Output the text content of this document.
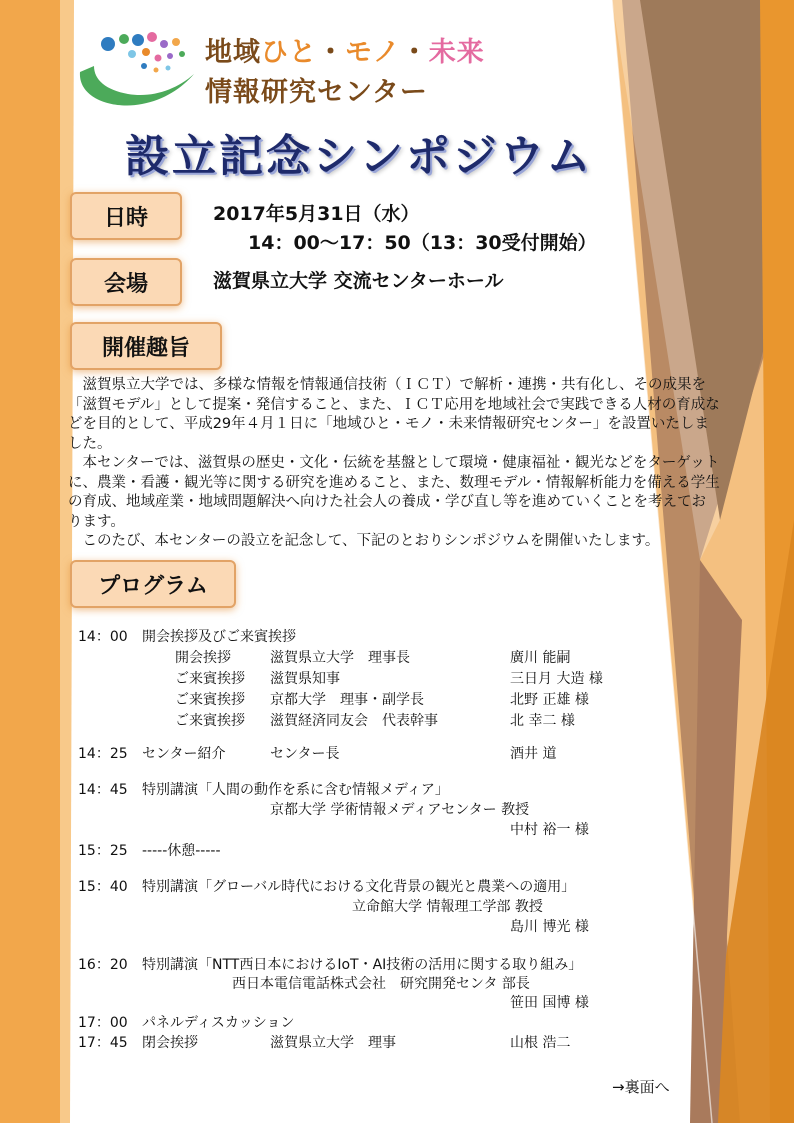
地域ひと・モノ・未来
情報研究センター
設立記念シンポジウム
日時	2017年5月31日（水）
14：00～17：50（13：30受付開始）
会場	滋賀県立大学 交流センターホール
開催趣旨

滋賀県立大学では、多様な情報を情報通信技術（ＩＣＴ）で解析・連携・共有化し、その成果を「滋賀モデル」として提案・発信すること、また、ＩＣＴ応用を地域社会で実践できる人材の育成などを目的として、平成29年４月１日に「地域ひと・モノ・未来情報研究センター」を設置いたしました。

本センターでは、滋賀県の歴史・文化・伝統を基盤として環境・健康福祉・観光などをターゲットに、農業・看護・観光等に関する研究を進めること、また、数理モデル・情報解析能力を備える学生の育成、地域産業・地域問題解決へ向けた社会人の養成・学び直し等を進めていくことを考えております。

このたび、本センターの設立を記念して、下記のとおりシンポジウムを開催いたします。

プログラム
14：00 開会挨拶及びご来賓挨拶
開会挨拶	滋賀県立大学　理事長	廣川 能嗣
ご来賓挨拶 滋賀県知事	三日月 大造 様
ご来賓挨拶 京都大学　理事・副学長	北野 正雄 様
ご来賓挨拶 滋賀経済同友会　代表幹事	北 幸二 様
14：25 センター紹介	センター長	酒井 道
14：45 特別講演「人間の動作を系に含む情報メディア」
京都大学 学術情報メディアセンター 教授
中村 裕一 様
15：25 -----休憩-----
15：40 特別講演「グローバル時代における文化背景の観光と農業への適用」
立命館大学 情報理工学部 教授
島川 博光 様
16：20 特別講演「NTT西日本におけるIoT・AI技術の活用に関する取り組み」
西日本電信電話株式会社　研究開発センタ 部長
笹田 国博 様
17：00 パネルディスカッション
17：45 閉会挨拶	滋賀県立大学　理事	山根 浩二
→裏面へ
